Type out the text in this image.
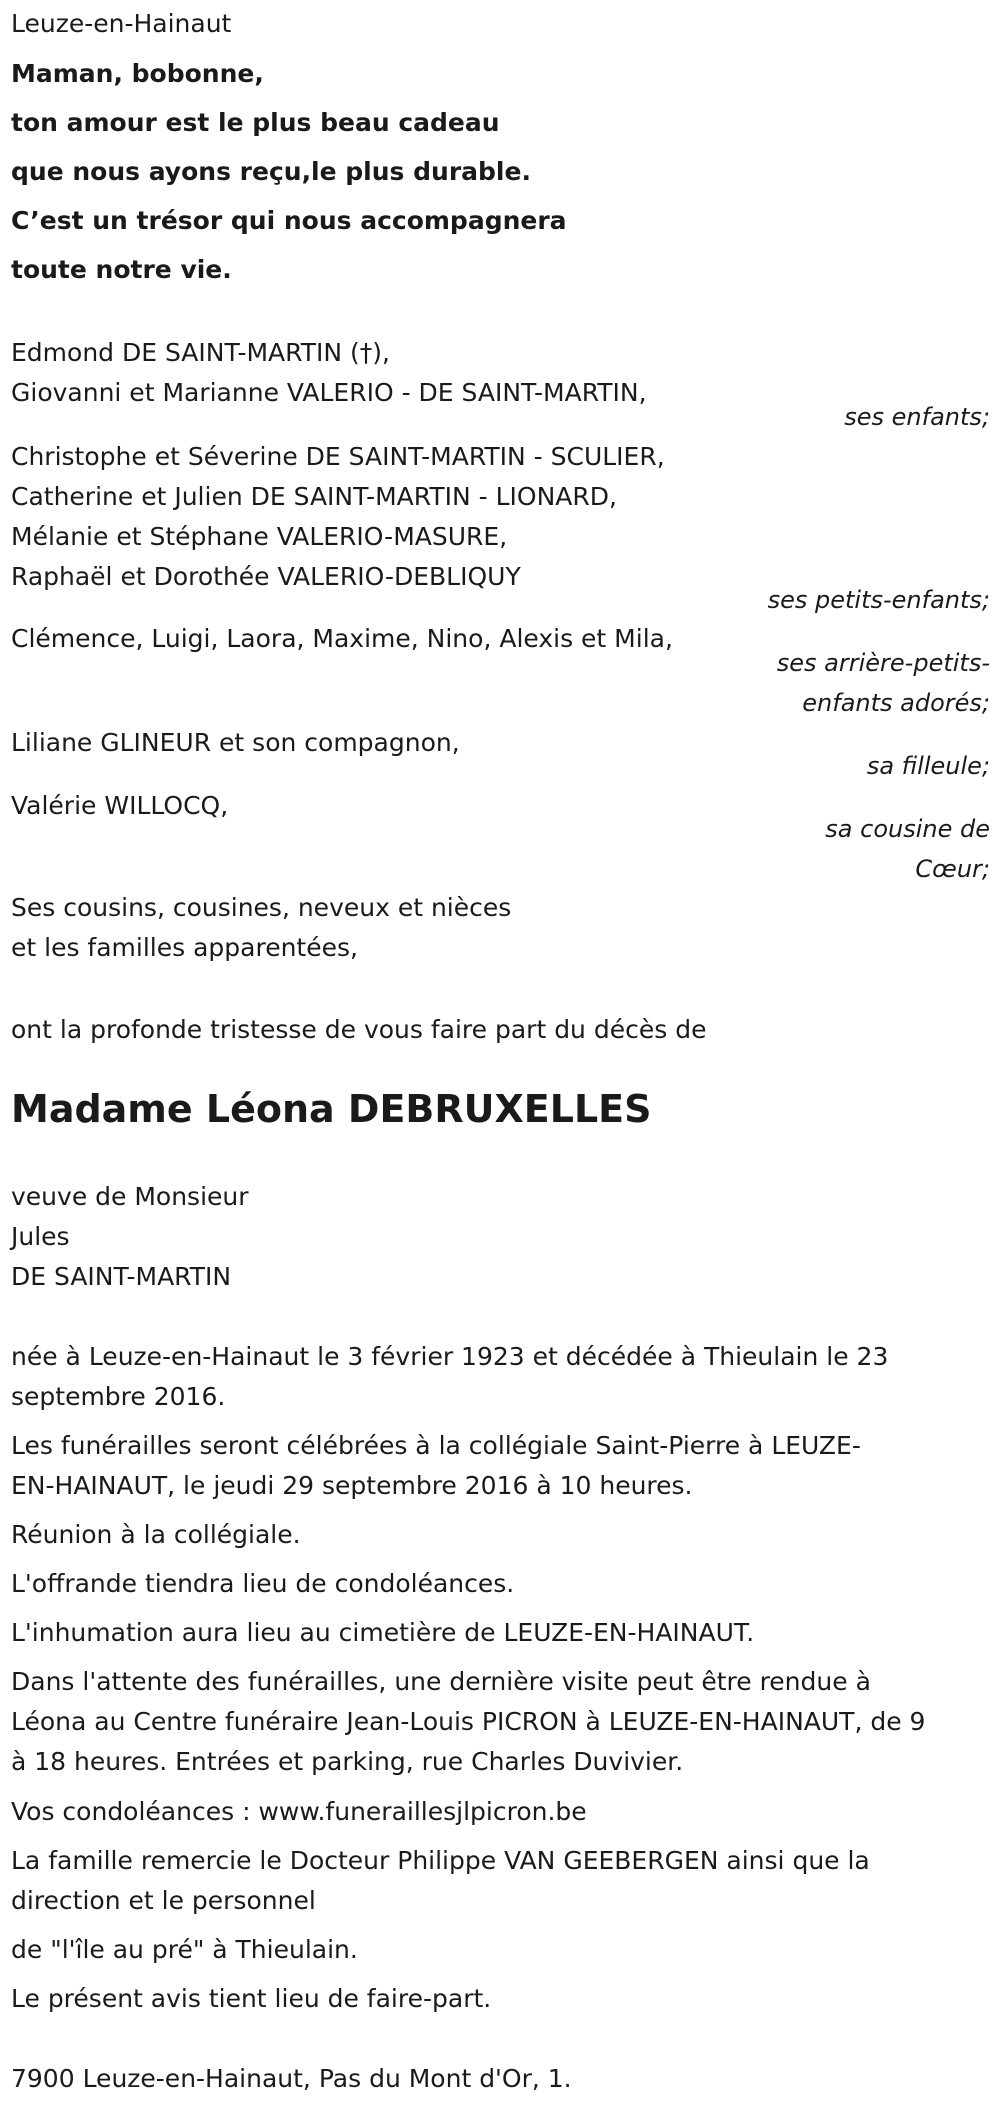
Leuze-en-Hainaut
Maman, bobonne,
ton amour est le plus beau cadeau
que nous ayons reçu,le plus durable.
C’est un trésor qui nous accompagnera
toute notre vie.
Edmond DE SAINT-MARTIN (†),
Giovanni et Marianne VALERIO - DE SAINT-MARTIN,
ses enfants;
Christophe et Séverine DE SAINT-MARTIN - SCULIER,
Catherine et Julien DE SAINT-MARTIN - LIONARD,
Mélanie et Stéphane VALERIO-MASURE,
Raphaël et Dorothée VALERIO-DEBLIQUY
ses petits-enfants;
Clémence, Luigi, Laora, Maxime, Nino, Alexis et Mila,
ses arrière-petits-
enfants adorés;
Liliane GLINEUR et son compagnon,
sa filleule;
Valérie WILLOCQ,
sa cousine de
Cœur;
Ses cousins, cousines, neveux et nièces
et les familles apparentées,
ont la profonde tristesse de vous faire part du décès de
Madame Léona DEBRUXELLES
veuve de Monsieur
Jules
DE SAINT-MARTIN
née à Leuze-en-Hainaut le 3 février 1923 et décédée à Thieulain le 23
septembre 2016.
Les funérailles seront célébrées à la collégiale Saint-Pierre à LEUZE-
EN-HAINAUT, le jeudi 29 septembre 2016 à 10 heures.
Réunion à la collégiale.
L'offrande tiendra lieu de condoléances.
L'inhumation aura lieu au cimetière de LEUZE-EN-HAINAUT.
Dans l'attente des funérailles, une dernière visite peut être rendue à
Léona au Centre funéraire Jean-Louis PICRON à LEUZE-EN-HAINAUT, de 9
à 18 heures. Entrées et parking, rue Charles Duvivier.
Vos condoléances : www.funeraillesjlpicron.be
La famille remercie le Docteur Philippe VAN GEEBERGEN ainsi que la
direction et le personnel
de "l'île au pré" à Thieulain.
Le présent avis tient lieu de faire-part.
7900 Leuze-en-Hainaut, Pas du Mont d'Or, 1.
